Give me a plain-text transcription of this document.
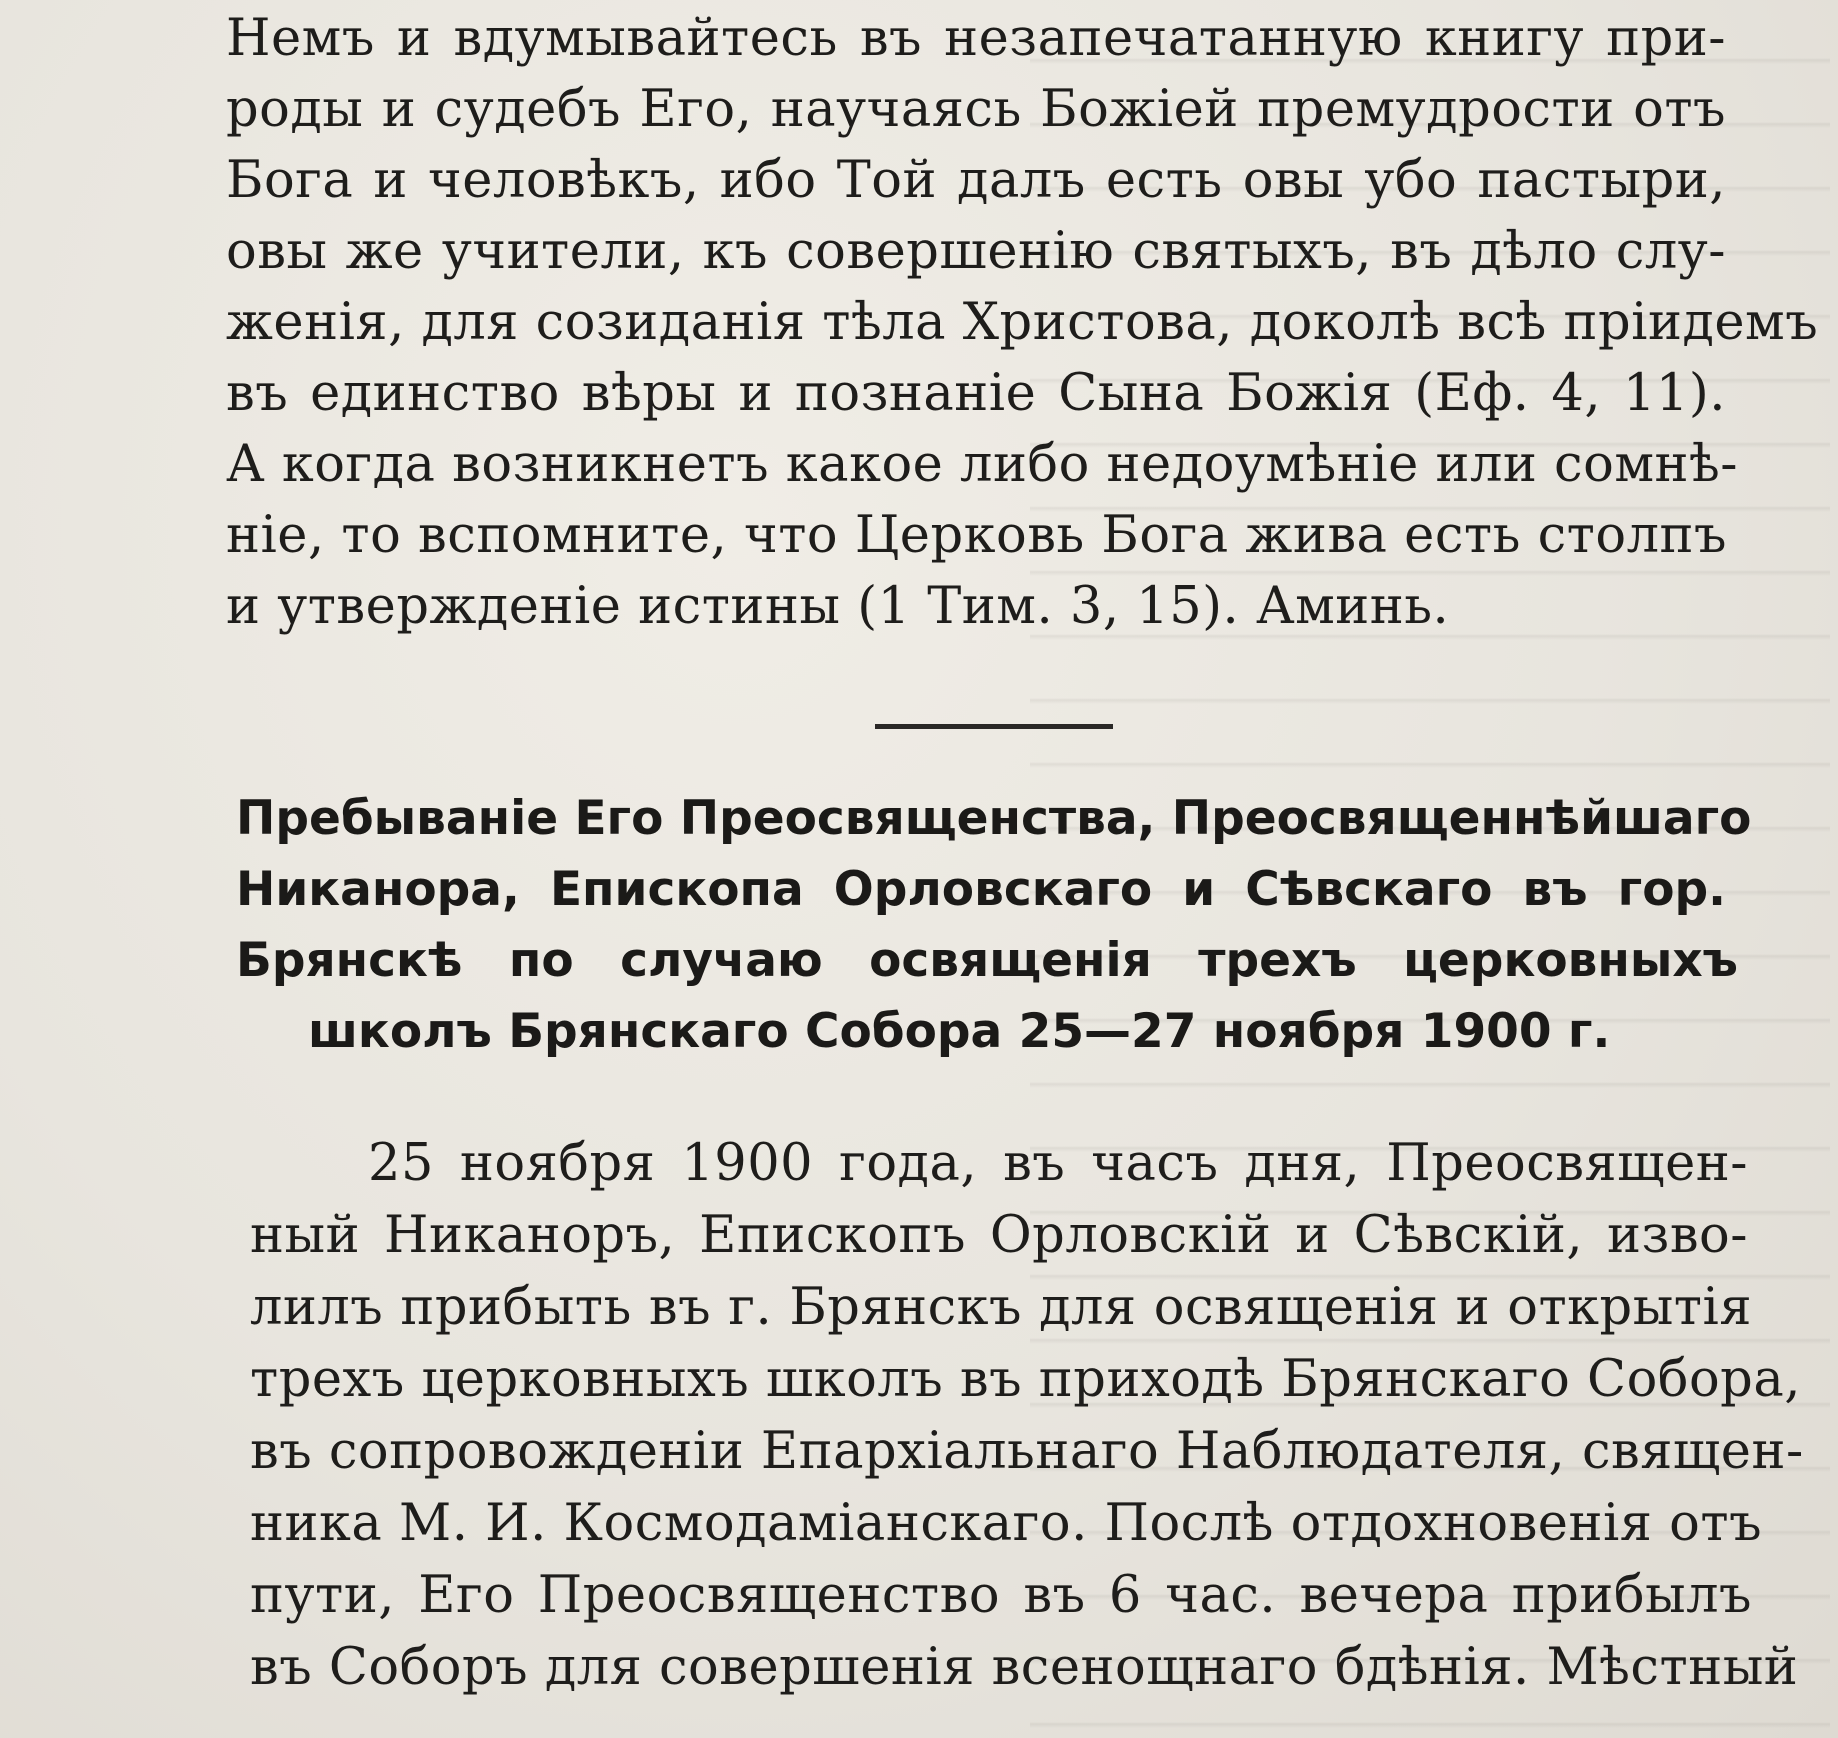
Немъ и вдумывайтесь въ незапечатанную книгу при-
роды и судебъ Его, научаясь Божіей премудрости отъ
Бога и человѣкъ, ибо Той далъ есть овы убо пастыри,
овы же учители, къ совершенію святыхъ, въ дѣло слу-
женія, для созиданія тѣла Христова, доколѣ всѣ пріидемъ
въ единство вѣры и познаніе Сына Божія (Еф. 4, 11).
А когда возникнетъ какое либо недоумѣніе или сомнѣ-
ніе, то вспомните, что Церковь Бога жива есть столпъ
и утвержденіе истины (1 Тим. 3, 15). Аминь.
Пребываніе Его Преосвященства, Преосвященнѣйшаго
Никанора, Епископа Орловскаго и Сѣвскаго въ гор.
Брянскѣ по случаю освященія трехъ церковныхъ
школъ Брянскаго Собора 25—27 ноября 1900 г.
25 ноября 1900 года, въ часъ дня, Преосвящен-
ный Никаноръ, Епископъ Орловскій и Сѣвскій, изво-
лилъ прибыть въ г. Брянскъ для освященія и открытія
трехъ церковныхъ школъ въ приходѣ Брянскаго Собора,
въ сопровожденіи Епархіальнаго Наблюдателя, священ-
ника М. И. Космодаміанскаго. Послѣ отдохновенія отъ
пути, Его Преосвященство въ 6 час. вечера прибылъ
въ Соборъ для совершенія всенощнаго бдѣнія. Мѣстный
